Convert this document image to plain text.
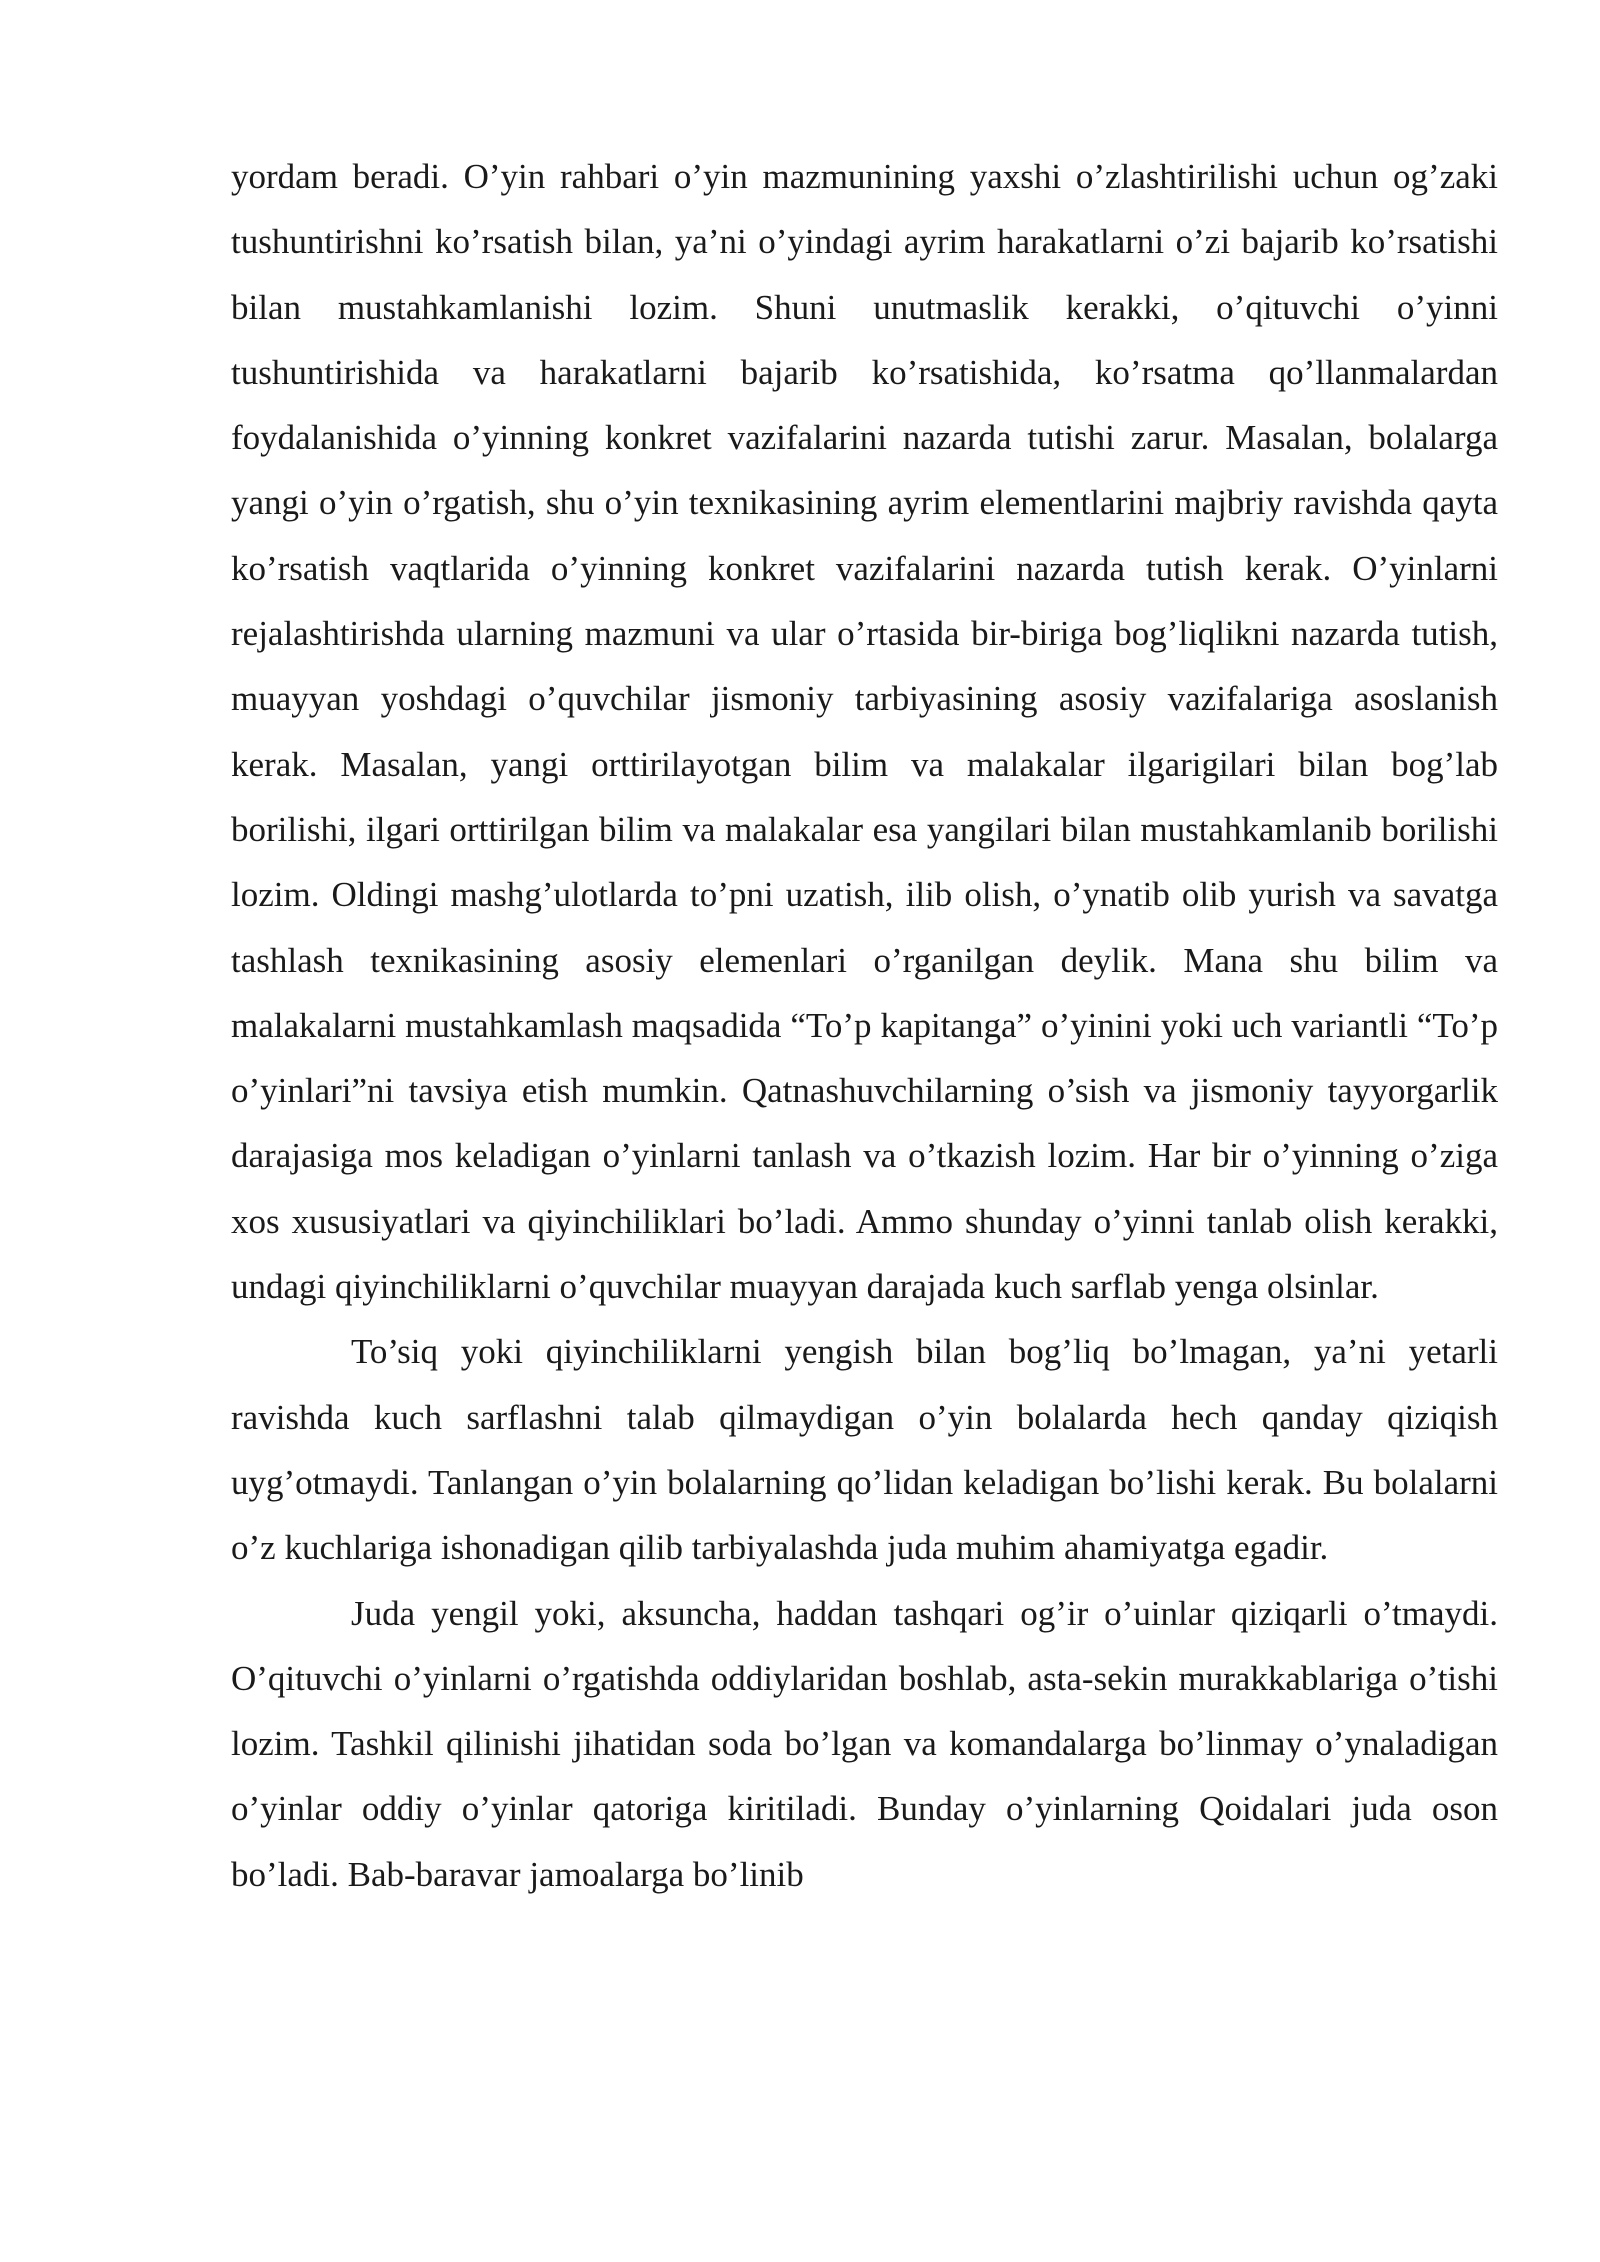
yordam beradi. O’yin rahbari o’yin mazmunining yaxshi o’zlashtirilishi uchun og’zaki tushuntirishni ko’rsatish bilan, ya’ni o’yindagi ayrim harakatlarni o’zi bajarib ko’rsatishi bilan mustahkamlanishi lozim. Shuni unutmaslik kerakki, o’qituvchi o’yinni tushuntirishida va harakatlarni bajarib ko’rsatishida, ko’rsatma qo’llanmalardan foydalanishida o’yinning konkret vazifalarini nazarda tutishi zarur. Masalan, bolalarga yangi o’yin o’rgatish, shu o’yin texnikasining ayrim elementlarini majbriy ravishda qayta ko’rsatish vaqtlarida o’yinning konkret vazifalarini nazarda tutish kerak. O’yinlarni rejalashtirishda ularning mazmuni va ular o’rtasida bir-biriga bog’liqlikni nazarda tutish, muayyan yoshdagi o’quvchilar jismoniy tarbiyasining asosiy vazifalariga asoslanish kerak. Masalan, yangi orttirilayotgan bilim va malakalar ilgarigilari bilan bog’lab borilishi, ilgari orttirilgan bilim va malakalar esa yangilari bilan mustahkamlanib borilishi lozim. Oldingi mashg’ulotlarda to’pni uzatish, ilib olish, o’ynatib olib yurish va savatga tashlash texnikasining asosiy elemenlari o’rganilgan deylik. Mana shu bilim va malakalarni mustahkamlash maqsadida “To’p kapitanga” o’yinini yoki uch variantli “To’p o’yinlari”ni tavsiya etish mumkin. Qatnashuvchilarning o’sish va jismoniy tayyorgarlik darajasiga mos keladigan o’yinlarni tanlash va o’tkazish lozim. Har bir o’yinning o’ziga xos xususiyatlari va qiyinchiliklari bo’ladi. Ammo shunday o’yinni tanlab olish kerakki, undagi qiyinchiliklarni o’quvchilar muayyan darajada kuch sarflab yenga olsinlar.

To’siq yoki qiyinchiliklarni yengish bilan bog’liq bo’lmagan, ya’ni yetarli ravishda kuch sarflashni talab qilmaydigan o’yin bolalarda hech qanday qiziqish uyg’otmaydi. Tanlangan o’yin bolalarning qo’lidan keladigan bo’lishi kerak. Bu bolalarni o’z kuchlariga ishonadigan qilib tarbiyalashda juda muhim ahamiyatga egadir.

Juda yengil yoki, aksuncha, haddan tashqari og’ir o’uinlar qiziqarli o’tmaydi. O’qituvchi o’yinlarni o’rgatishda oddiylaridan boshlab, asta-sekin murakkablariga o’tishi lozim. Tashkil qilinishi jihatidan soda bo’lgan va komandalarga bo’linmay o’ynaladigan o’yinlar oddiy o’yinlar qatoriga kiritiladi. Bunday o’yinlarning Qoidalari juda oson bo’ladi. Bab-baravar jamoalarga bo’linib
